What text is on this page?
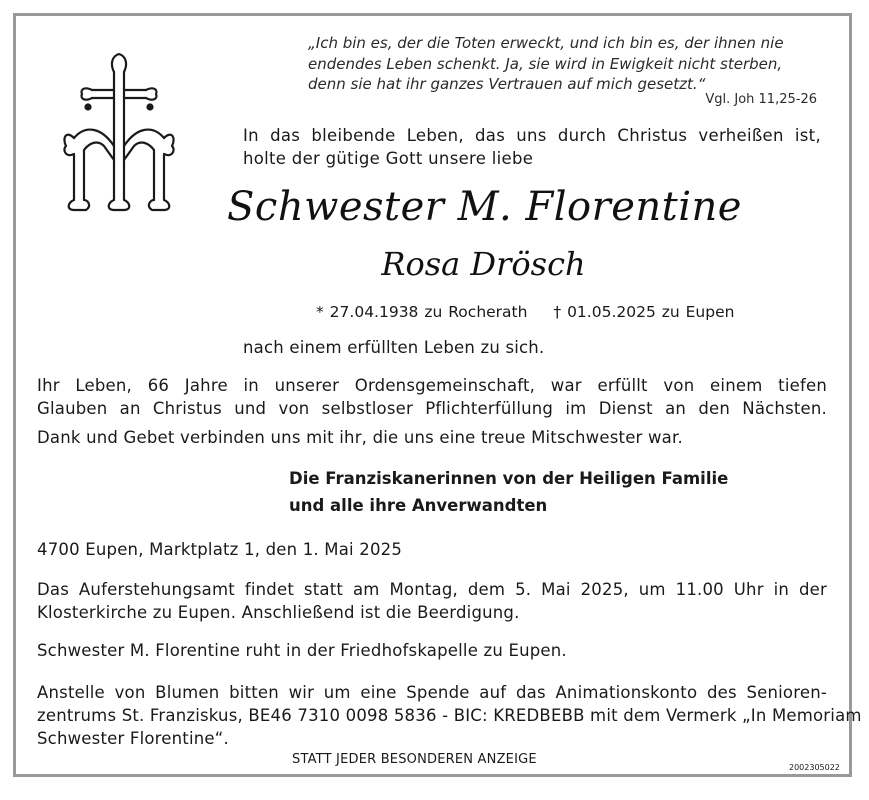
„Ich bin es, der die Toten erweckt, und ich bin es, der ihnen nie
endendes Leben schenkt. Ja, sie wird in Ewigkeit nicht sterben,
denn sie hat ihr ganzes Vertrauen auf mich gesetzt.“
Vgl. Joh 11,25-26
In das bleibende Leben, das uns durch Christus verheißen ist,
holte der gütige Gott unsere liebe
Schwester M. Florentine
Rosa Drösch
* 27.04.1938 zu Rocherath † 01.05.2025 zu Eupen
nach einem erfüllten Leben zu sich.
Ihr Leben, 66 Jahre in unserer Ordensgemeinschaft, war erfüllt von einem tiefen
Glauben an Christus und von selbstloser Pflichterfüllung im Dienst an den Nächsten.
Dank und Gebet verbinden uns mit ihr, die uns eine treue Mitschwester war.
Die Franziskanerinnen von der Heiligen Familie
und alle ihre Anverwandten
4700 Eupen, Marktplatz 1, den 1. Mai 2025
Das Auferstehungsamt findet statt am Montag, dem 5. Mai 2025, um 11.00 Uhr in der
Klosterkirche zu Eupen. Anschließend ist die Beerdigung.
Schwester M. Florentine ruht in der Friedhofskapelle zu Eupen.
Anstelle von Blumen bitten wir um eine Spende auf das Animationskonto des Senioren-
zentrums St. Franziskus, BE46 7310 0098 5836 - BIC: KREDBEBB mit dem Vermerk „In Memoriam
Schwester Florentine“.
STATT JEDER BESONDEREN ANZEIGE
2002305022
